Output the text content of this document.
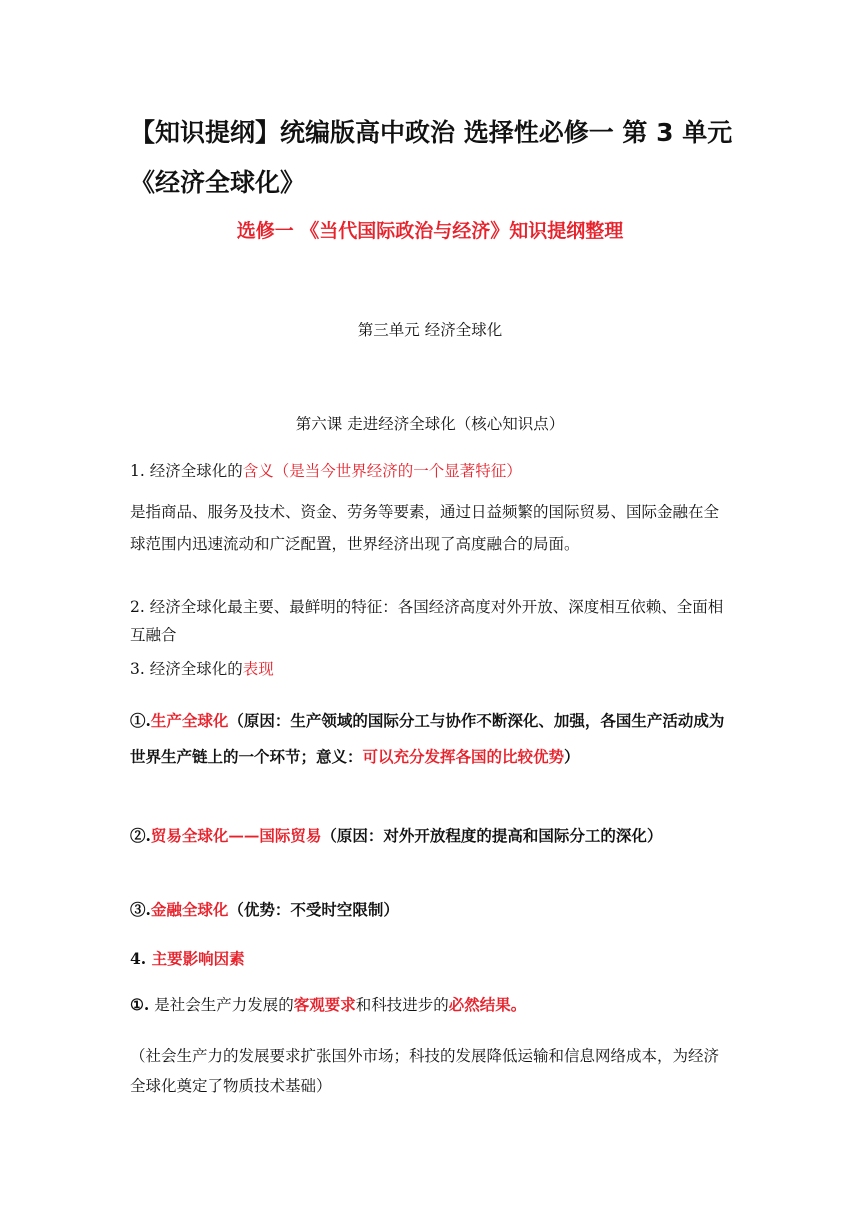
【知识提纲】统编版高中政治 选择性必修一 第 3 单元《经济全球化》
选修一 《当代国际政治与经济》知识提纲整理

第三单元 经济全球化

第六课 走进经济全球化（核心知识点）

1. 经济全球化的含义（是当今世界经济的一个显著特征）

是指商品、服务及技术、资金、劳务等要素，通过日益频繁的国际贸易、国际金融在全球范围内迅速流动和广泛配置，世界经济出现了高度融合的局面。

2. 经济全球化最主要、最鲜明的特征：各国经济高度对外开放、深度相互依赖、全面相互融合

3. 经济全球化的表现

①.生产全球化（原因：生产领域的国际分工与协作不断深化、加强，各国生产活动成为世界生产链上的一个环节；意义：可以充分发挥各国的比较优势）

②.贸易全球化——国际贸易（原因：对外开放程度的提高和国际分工的深化）

③.金融全球化（优势：不受时空限制）

4. 主要影响因素

①. 是社会生产力发展的客观要求和科技进步的必然结果。

（社会生产力的发展要求扩张国外市场；科技的发展降低运输和信息网络成本，为经济全球化奠定了物质技术基础）
